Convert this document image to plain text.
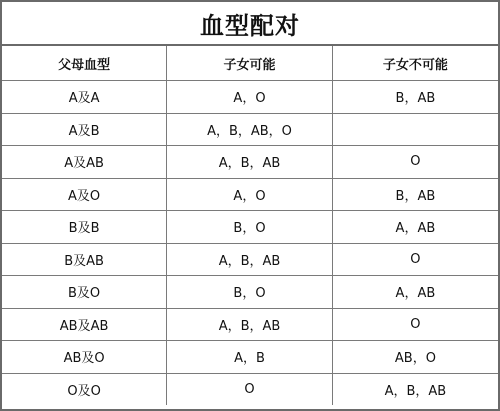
血型配对
父母血型	子女可能	子女不可能
A及A	A，O	B，AB
A及B	A，B，AB，O	
A及AB	A，B，AB	O
A及O	A，O	B，AB
B及B	B，O	A，AB
B及AB	A，B，AB	O
B及O	B，O	A，AB
AB及AB	A，B，AB	O
AB及O	A，B	AB，O
O及O	O	A，B，AB
